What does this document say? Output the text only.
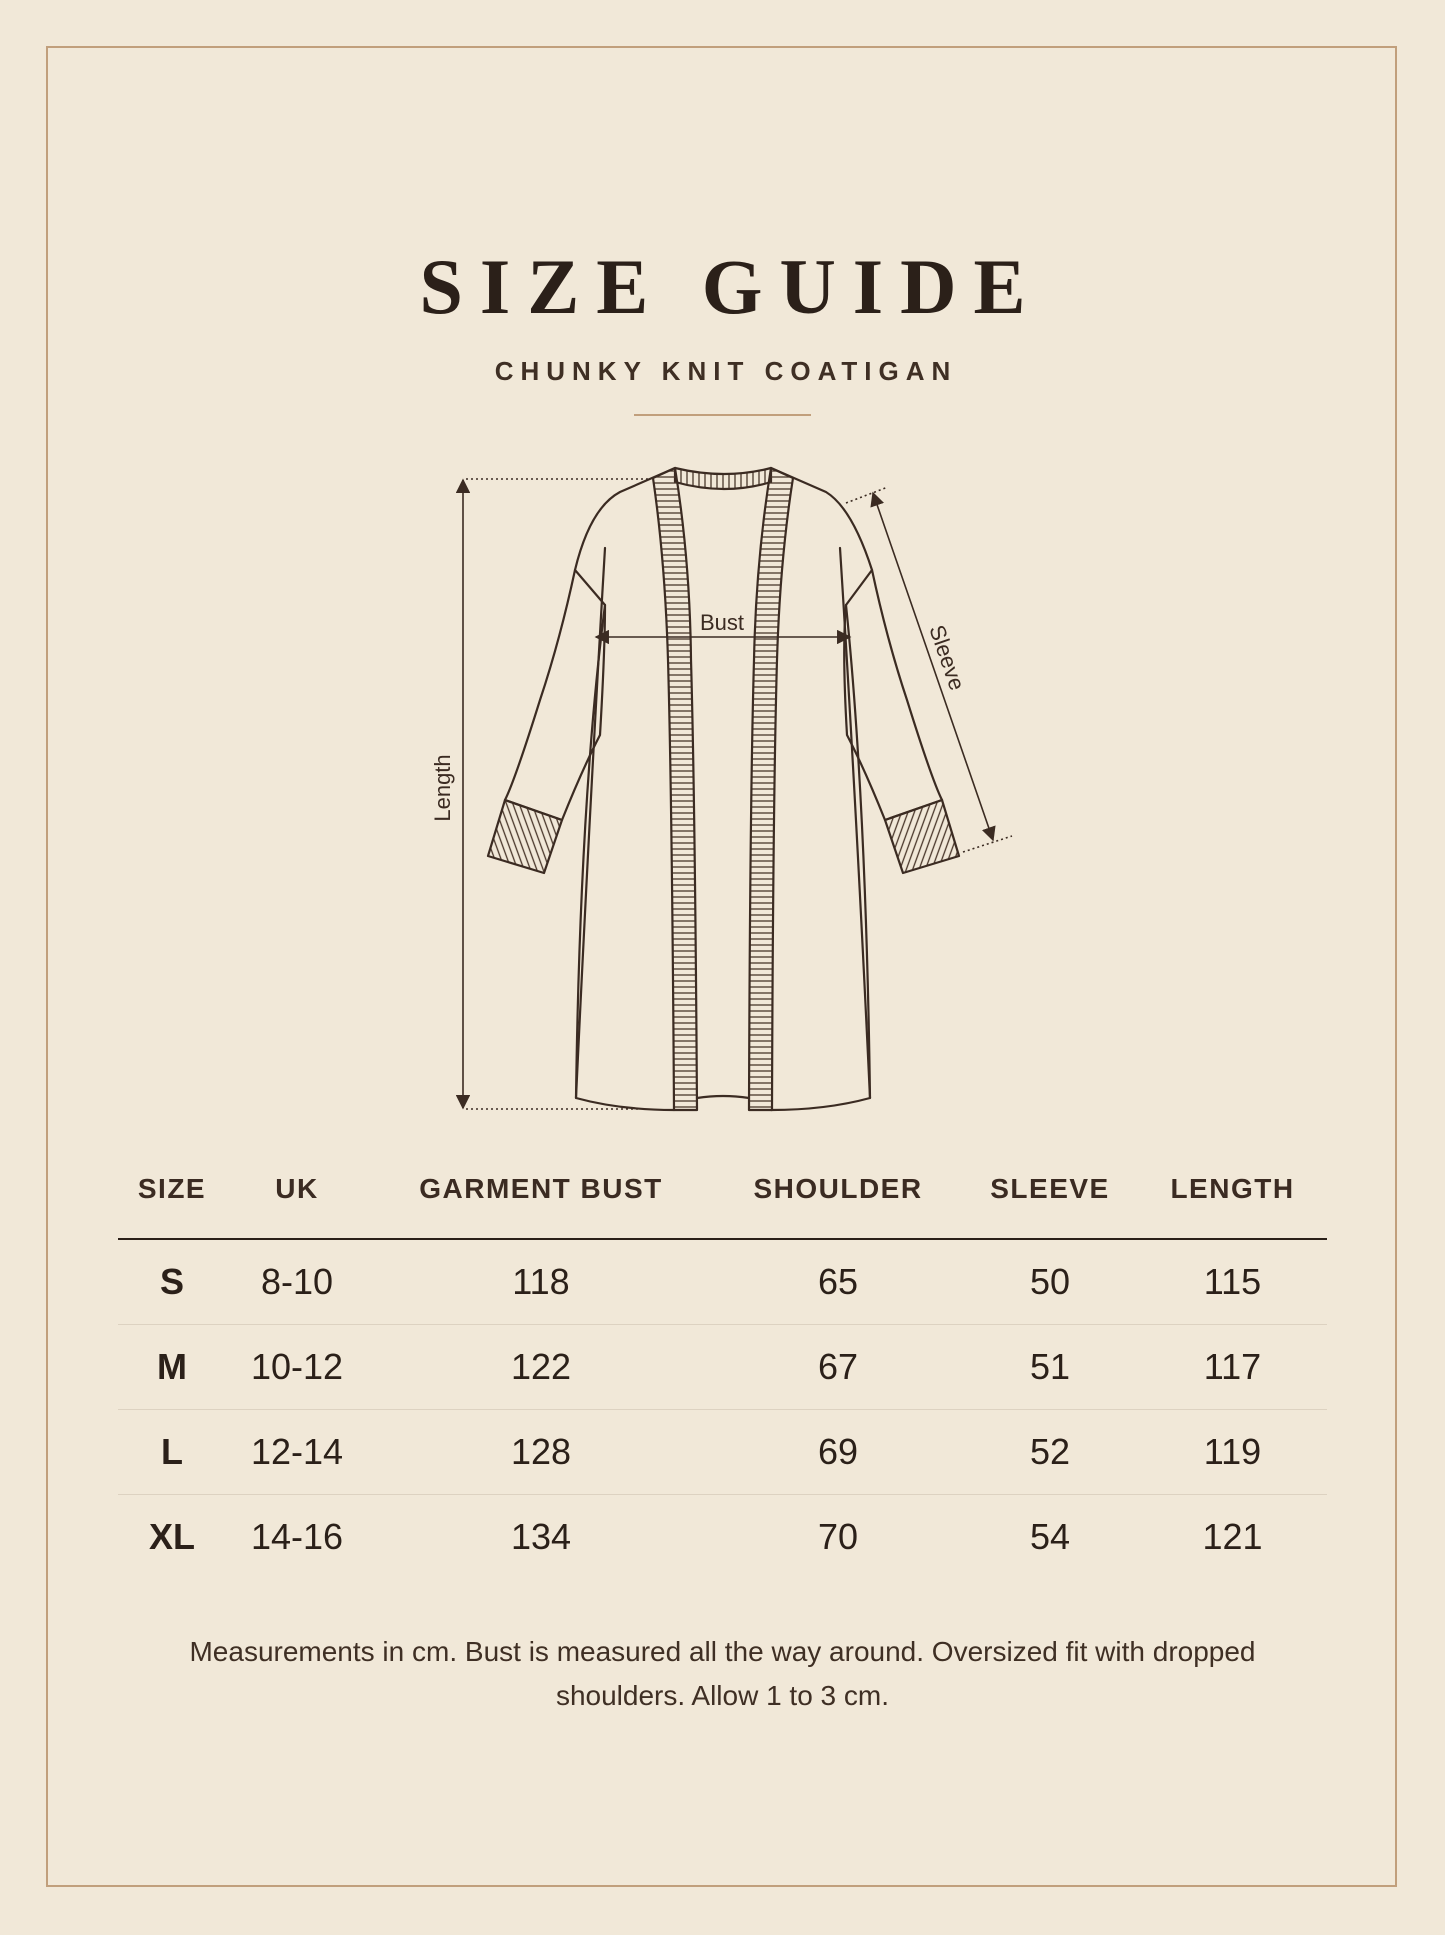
SIZE GUIDE
CHUNKY KNIT COATIGAN
Bust	Sleeve
Length
SIZE	UK	GARMENT BUST	SHOULDER	SLEEVE	LENGTH
S	8-10	118	65	50	115
M	10-12	122	67	51	117
L	12-14	128	69	52	119
XL	14-16	134	70	54	121

Measurements in cm. Bust is measured all the way around. Oversized fit with dropped shoulders. Allow 1 to 3 cm.
